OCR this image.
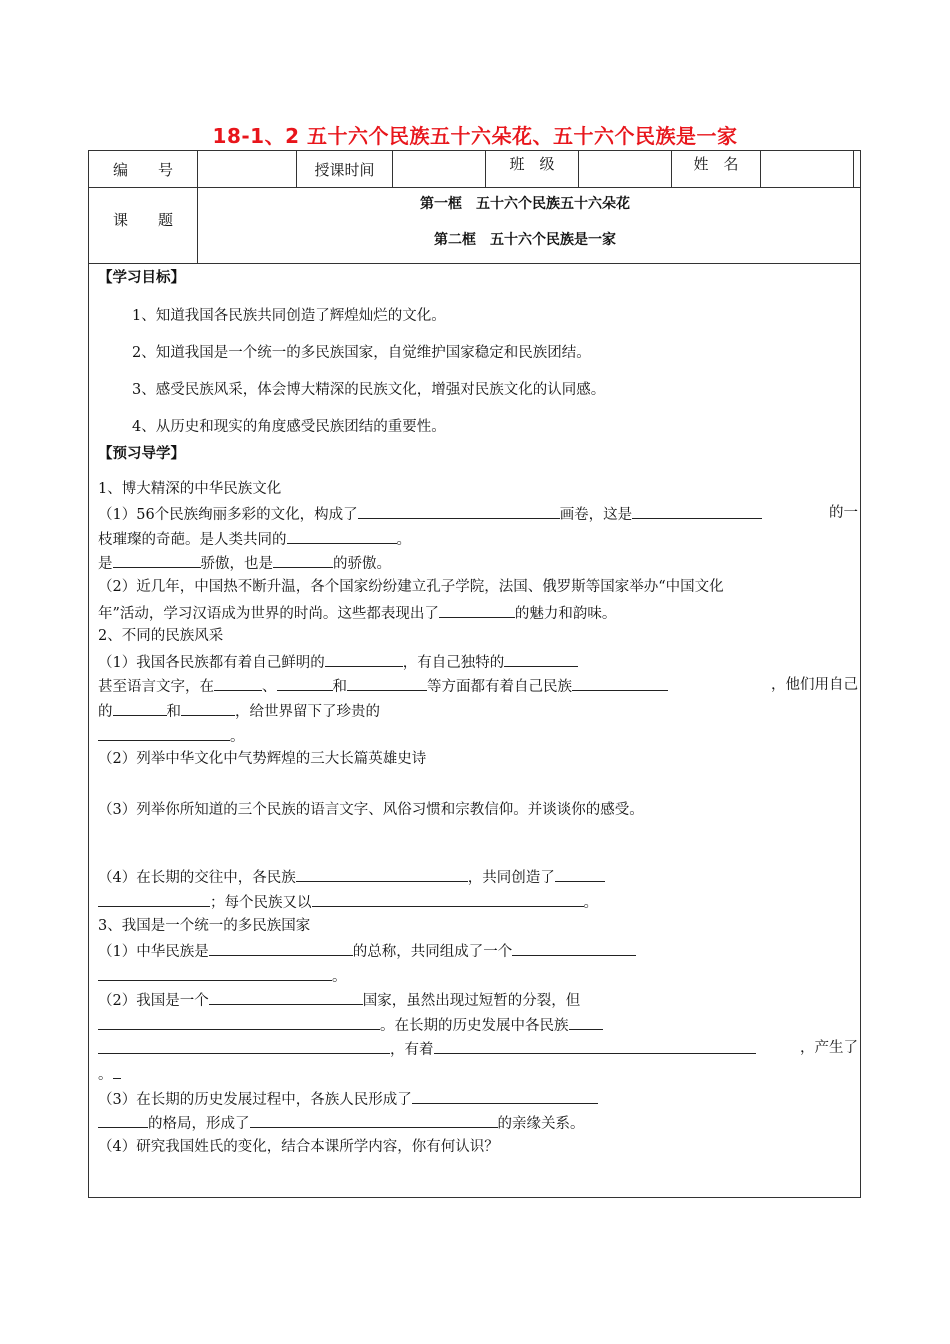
18-1、2 五十六个民族五十六朵花、五十六个民族是一家
编　　号	授课时间	班　级	姓　名
课　　题
第一框　五十六个民族五十六朵花
第二框　五十六个民族是一家
【学习目标】
1、知道我国各民族共同创造了辉煌灿烂的文化。
2、知道我国是一个统一的多民族国家，自觉维护国家稳定和民族团结。
3、感受民族风采，体会博大精深的民族文化，增强对民族文化的认同感。
4、从历史和现实的角度感受民族团结的重要性。
【预习导学】
1、博大精深的中华民族文化
（1）56个民族绚丽多彩的文化，构成了	画卷，这是	的一
枝璀璨的奇葩。是人类共同的	。
是	骄傲，也是	的骄傲。
（2）近几年，中国热不断升温，各个国家纷纷建立孔子学院，法国、俄罗斯等国家举办“中国文化
年”活动，学习汉语成为世界的时尚。这些都表现出了	的魅力和韵味。
2、不同的民族风采
（1）我国各民族都有着自己鲜明的	，有自己独特的
甚至语言文字，在	、	和	等方面都有着自己民族	，他们用自己
的	和	，给世界留下了珍贵的
。
（2）列举中华文化中气势辉煌的三大长篇英雄史诗
（3）列举你所知道的三个民族的语言文字、风俗习惯和宗教信仰。并谈谈你的感受。
（4）在长期的交往中，各民族	，共同创造了
；每个民族又以	。
3、我国是一个统一的多民族国家
（1）中华民族是	的总称，共同组成了一个
。
（2）我国是一个	国家，虽然出现过短暂的分裂，但
。在长期的历史发展中各民族
，有着	，产生了
。
（3）在长期的历史发展过程中，各族人民形成了
的格局，形成了	的亲缘关系。
（4）研究我国姓氏的变化，结合本课所学内容，你有何认识？
